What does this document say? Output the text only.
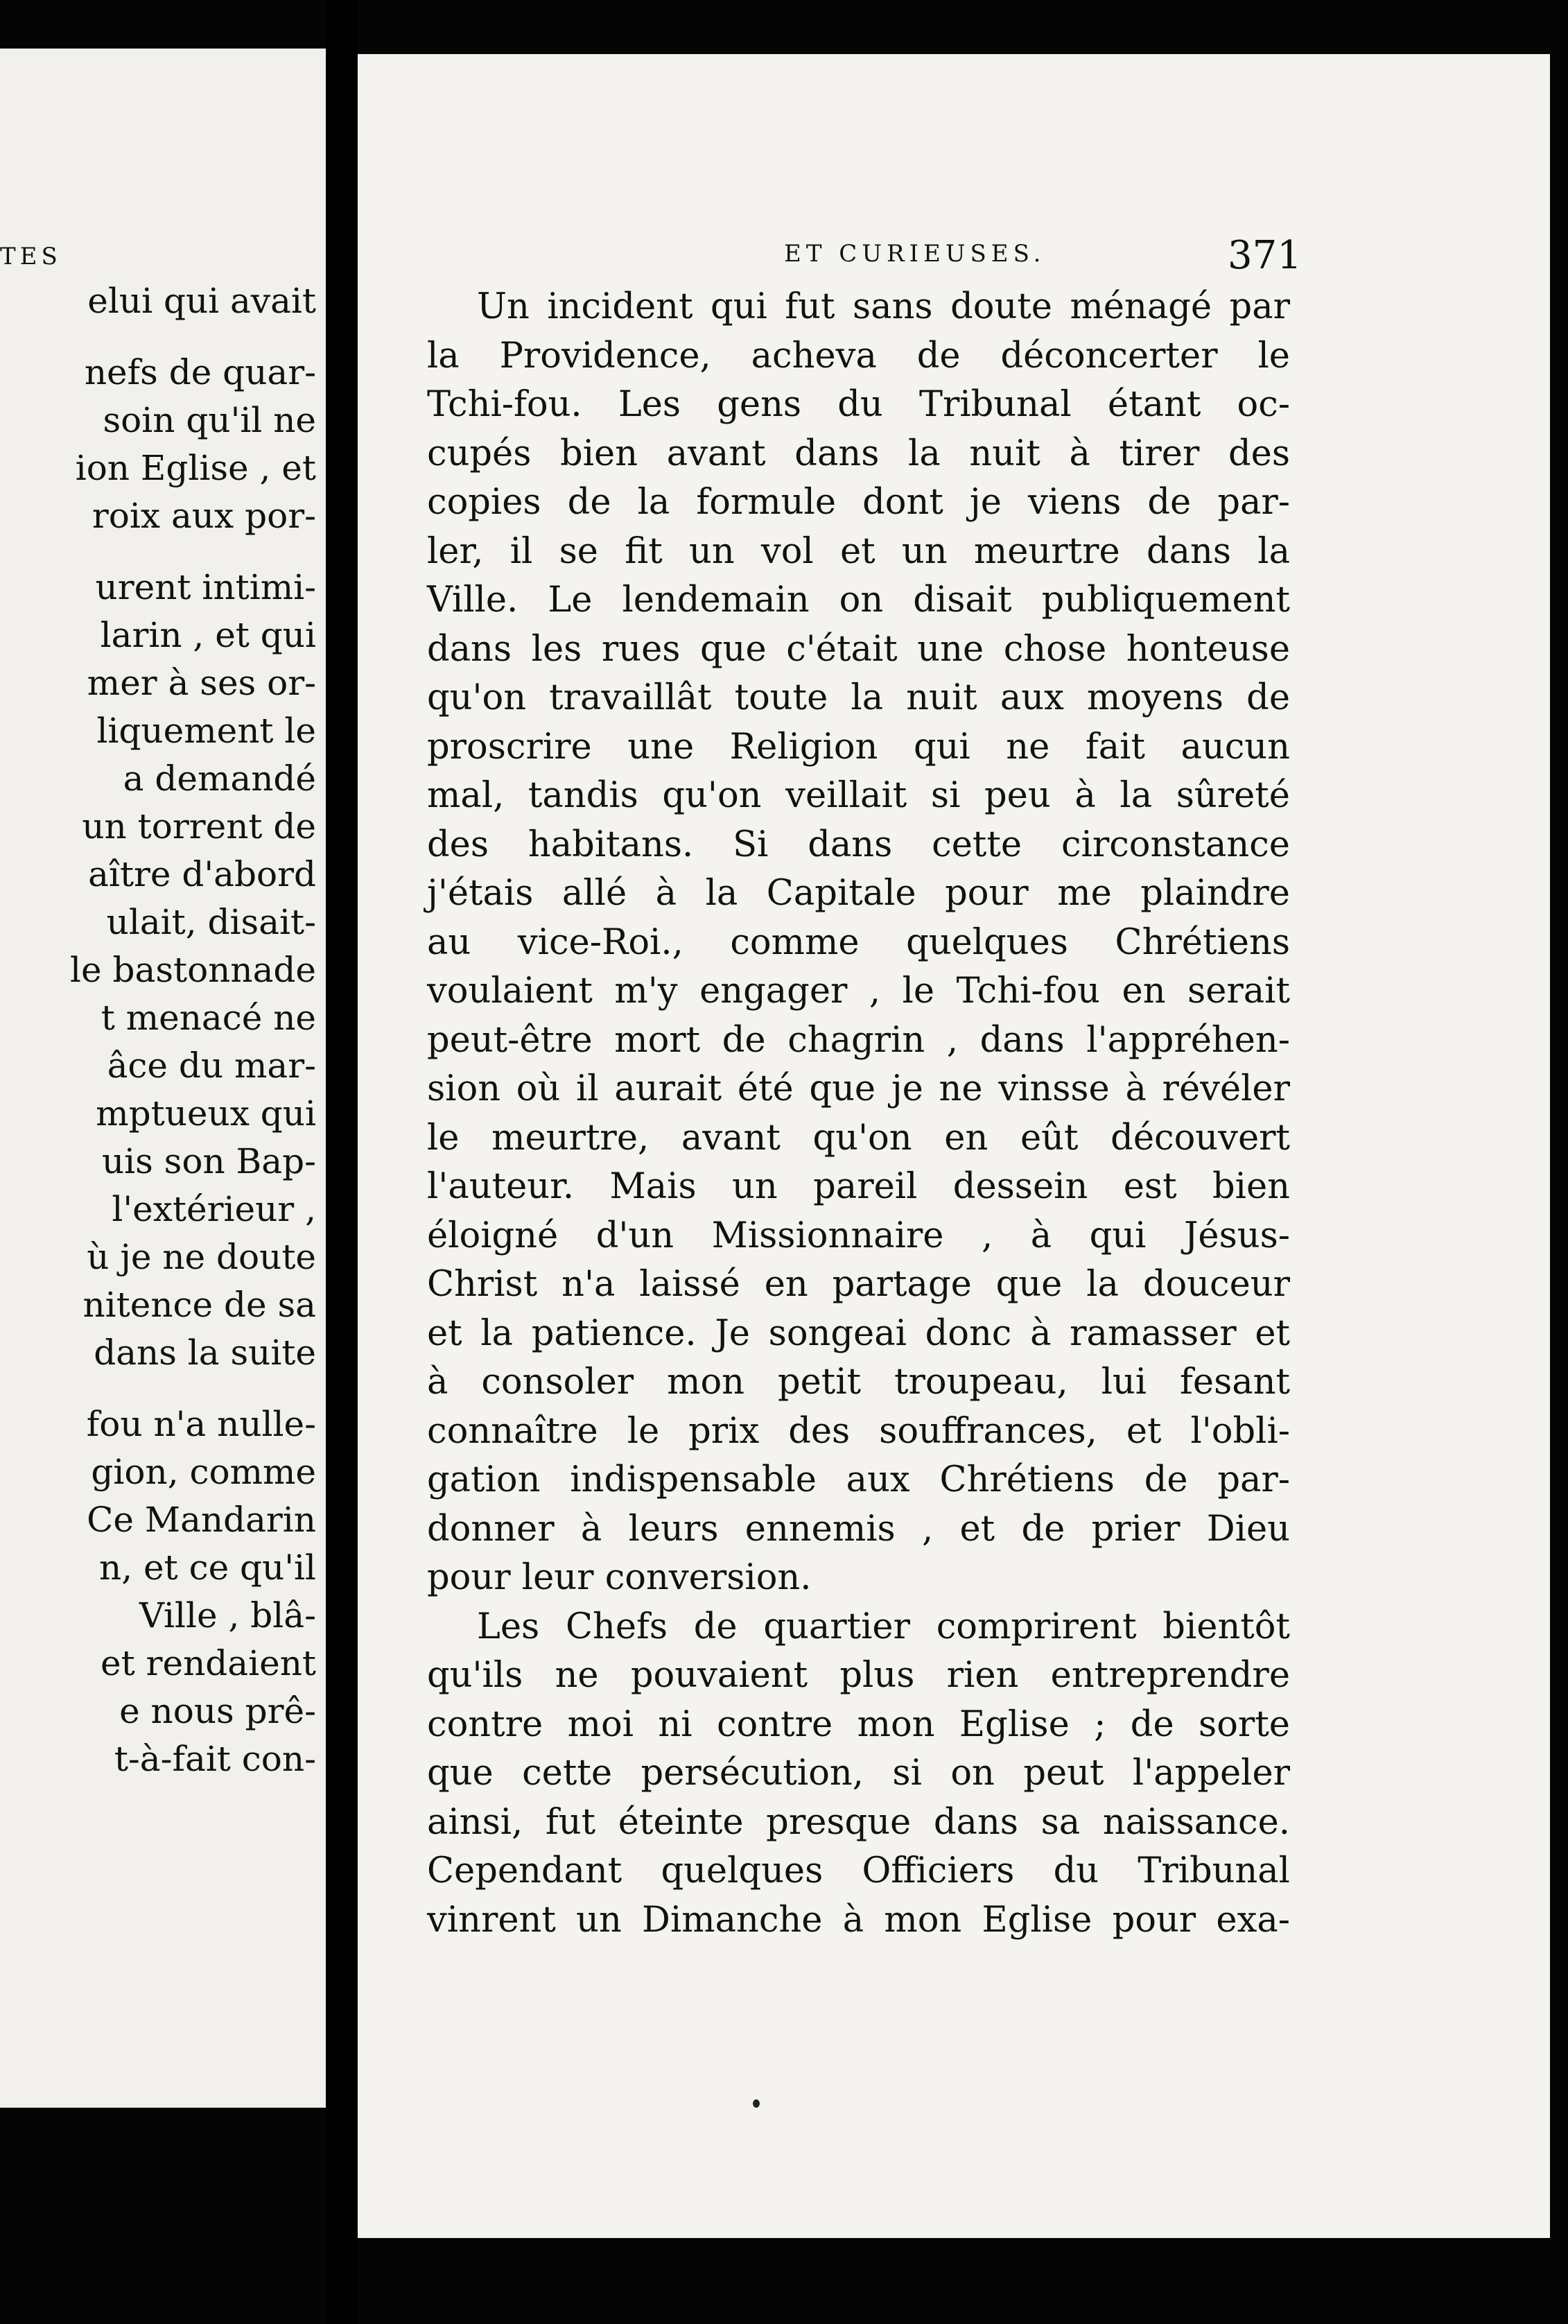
TES
elui qui avait
nefs de quar-
soin qu'il ne
ion Eglise , et
roix aux por-
urent intimi-
larin , et qui
mer à ses or-
liquement le
a demandé
un torrent de
aître d'abord
ulait, disait-
le bastonnade
t menacé ne
âce du mar-
mptueux qui
uis son Bap-
l'extérieur ,
ù je ne doute
nitence de sa
dans la suite
fou n'a nulle-
gion, comme
Ce Mandarin
n, et ce qu'il
Ville , blâ-
et rendaient
e nous prê-
t-à-fait con-
ET CURIEUSES.	371
Un incident qui fut sans doute ménagé par
la Providence, acheva de déconcerter le
Tchi-fou. Les gens du Tribunal étant oc-
cupés bien avant dans la nuit à tirer des
copies de la formule dont je viens de par-
ler, il se fit un vol et un meurtre dans la
Ville. Le lendemain on disait publiquement
dans les rues que c'était une chose honteuse
qu'on travaillât toute la nuit aux moyens de
proscrire une Religion qui ne fait aucun
mal, tandis qu'on veillait si peu à la sûreté
des habitans. Si dans cette circonstance
j'étais allé à la Capitale pour me plaindre
au vice-Roi., comme quelques Chrétiens
voulaient m'y engager , le Tchi-fou en serait
peut-être mort de chagrin , dans l'appréhen-
sion où il aurait été que je ne vinsse à révéler
le meurtre, avant qu'on en eût découvert
l'auteur. Mais un pareil dessein est bien
éloigné d'un Missionnaire , à qui Jésus-
Christ n'a laissé en partage que la douceur
et la patience. Je songeai donc à ramasser et
à consoler mon petit troupeau, lui fesant
connaître le prix des souffrances, et l'obli-
gation indispensable aux Chrétiens de par-
donner à leurs ennemis , et de prier Dieu
pour leur conversion.
Les Chefs de quartier comprirent bientôt
qu'ils ne pouvaient plus rien entreprendre
contre moi ni contre mon Eglise ; de sorte
que cette persécution, si on peut l'appeler
ainsi, fut éteinte presque dans sa naissance.
Cependant quelques Officiers du Tribunal
vinrent un Dimanche à mon Eglise pour exa-
